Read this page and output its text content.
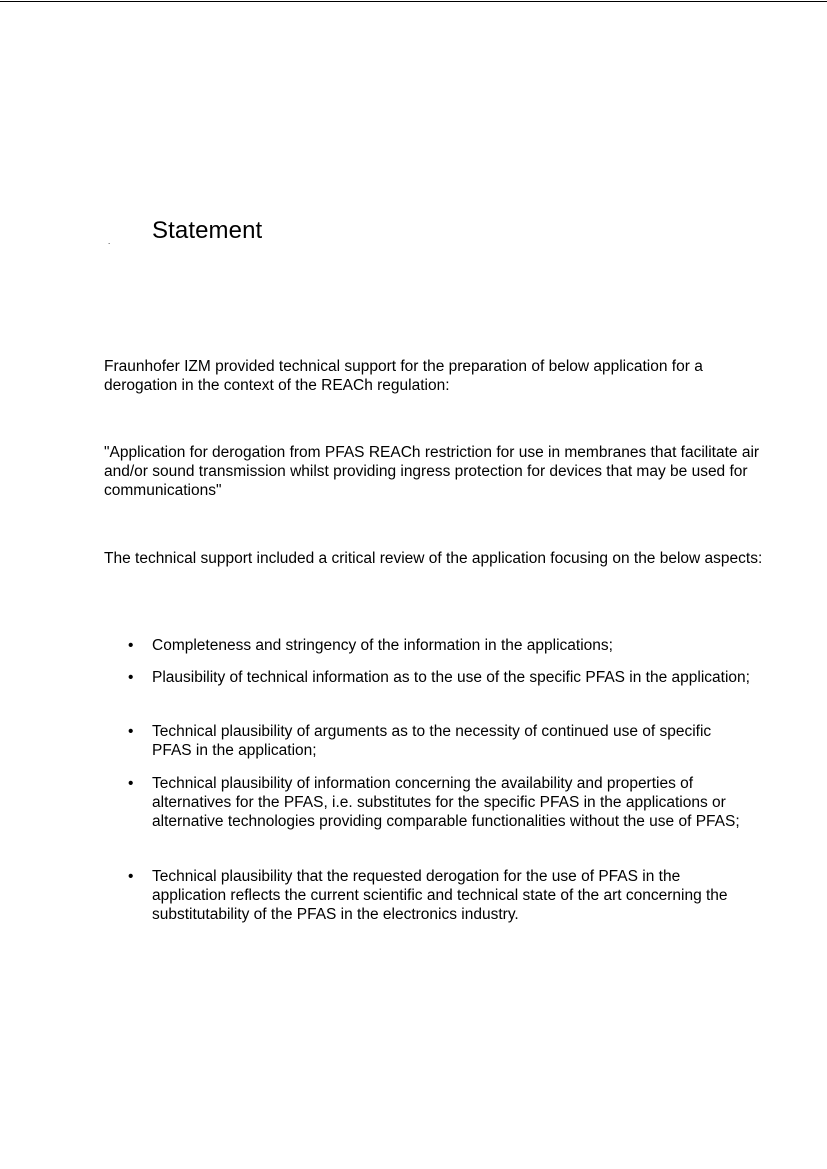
. Statement

Fraunhofer IZM provided technical support for the preparation of below application for a derogation in the context of the REACh regulation:

"Application for derogation from PFAS REACh restriction for use in membranes that facilitate air and/or sound transmission whilst providing ingress protection for devices that may be used for communications"

The technical support included a critical review of the application focusing on the below aspects:

• Completeness and stringency of the information in the applications;
• Plausibility of technical information as to the use of the specific PFAS in the application;
• Technical plausibility of arguments as to the necessity of continued use of specific PFAS in the application;
• Technical plausibility of information concerning the availability and properties of alternatives for the PFAS, i.e. substitutes for the specific PFAS in the applications or alternative technologies providing comparable functionalities without the use of PFAS;
• Technical plausibility that the requested derogation for the use of PFAS in the application reflects the current scientific and technical state of the art concerning the substitutability of the PFAS in the electronics industry.
